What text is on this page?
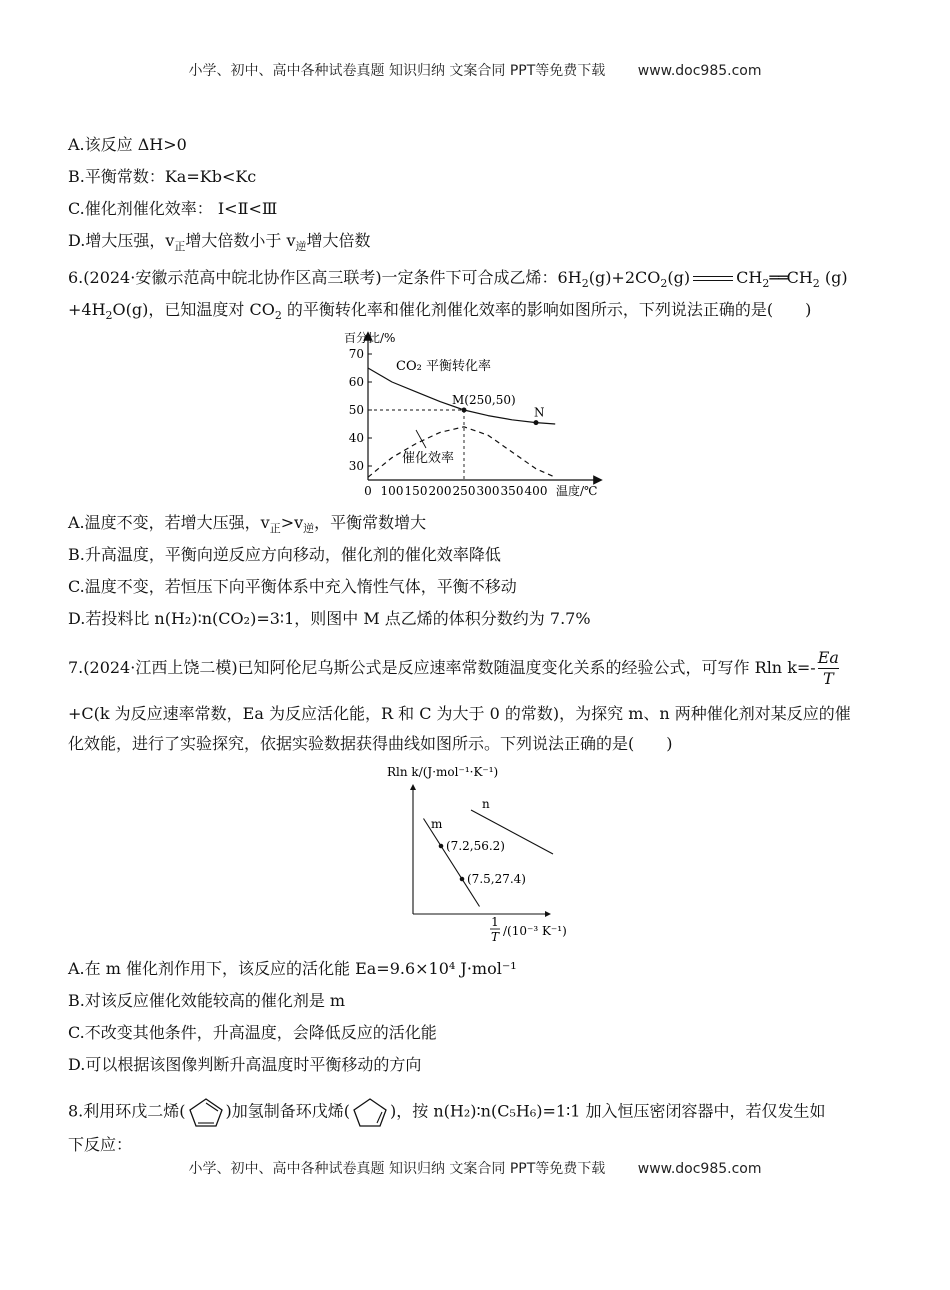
小学、初中、高中各种试卷真题 知识归纳 文案合同 PPT等免费下载 www.doc985.com
A.该反应 ΔH>0
B.平衡常数：Ka=Kb<Kc
C.催化剂催化效率： Ⅰ<Ⅱ<Ⅲ
D.增大压强，$v_正$增大倍数小于 $v_逆$增大倍数
6.(2024·安徽示范高中皖北协作区高三联考)一定条件下可合成乙烯：$6H_2(g)+2CO_2(g)$	$CH_2══CH_2$ (g)
$+4H_2O(g)$，已知温度对 $CO_2$ 的平衡转化率和催化剂催化效率的影响如图所示，下列说法正确的是(　　)
70
60
50
40
30
0 100 150 200 250 300 350 400
百分比/%
温度/℃
CO₂ 平衡转化率
催化效率
M(250,50)
N
A.温度不变，若增大压强，$v_正>v_逆$，平衡常数增大
B.升高温度，平衡向逆反应方向移动，催化剂的催化效率降低
C.温度不变，若恒压下向平衡体系中充入惰性气体，平衡不移动
D.若投料比 n(H₂)∶n(CO₂)=3∶1，则图中 M 点乙烯的体积分数约为 7.7%
7.(2024·江西上饶二模)已知阿伦尼乌斯公式是反应速率常数随温度变化关系的经验公式，可写作 Rln $k=- \frac{Ea}{T}$
+C(k 为反应速率常数，Ea 为反应活化能，R 和 C 为大于 0 的常数)，为探究 m、n 两种催化剂对某反应的催
化效能，进行了实验探究，依据实验数据获得曲线如图所示。下列说法正确的是(　　)
Rln k/(J·mol⁻¹·K⁻¹)
1
T /(10⁻³ K⁻¹)
(7.2,56.2)
(7.5,27.4)
m
n
A.在 m 催化剂作用下，该反应的活化能 Ea=9.6×10⁴ J·mol⁻¹
B.对该反应催化效能较高的催化剂是 m
C.不改变其他条件，升高温度，会降低反应的活化能
D.可以根据该图像判断升高温度时平衡移动的方向
8.利用环戊二烯(	)加氢制备环戊烯(	)，按 n(H₂)∶n(C₅H₆)=1∶1 加入恒压密闭容器中，若仅发生如
下反应：
小学、初中、高中各种试卷真题 知识归纳 文案合同 PPT等免费下载 www.doc985.com
